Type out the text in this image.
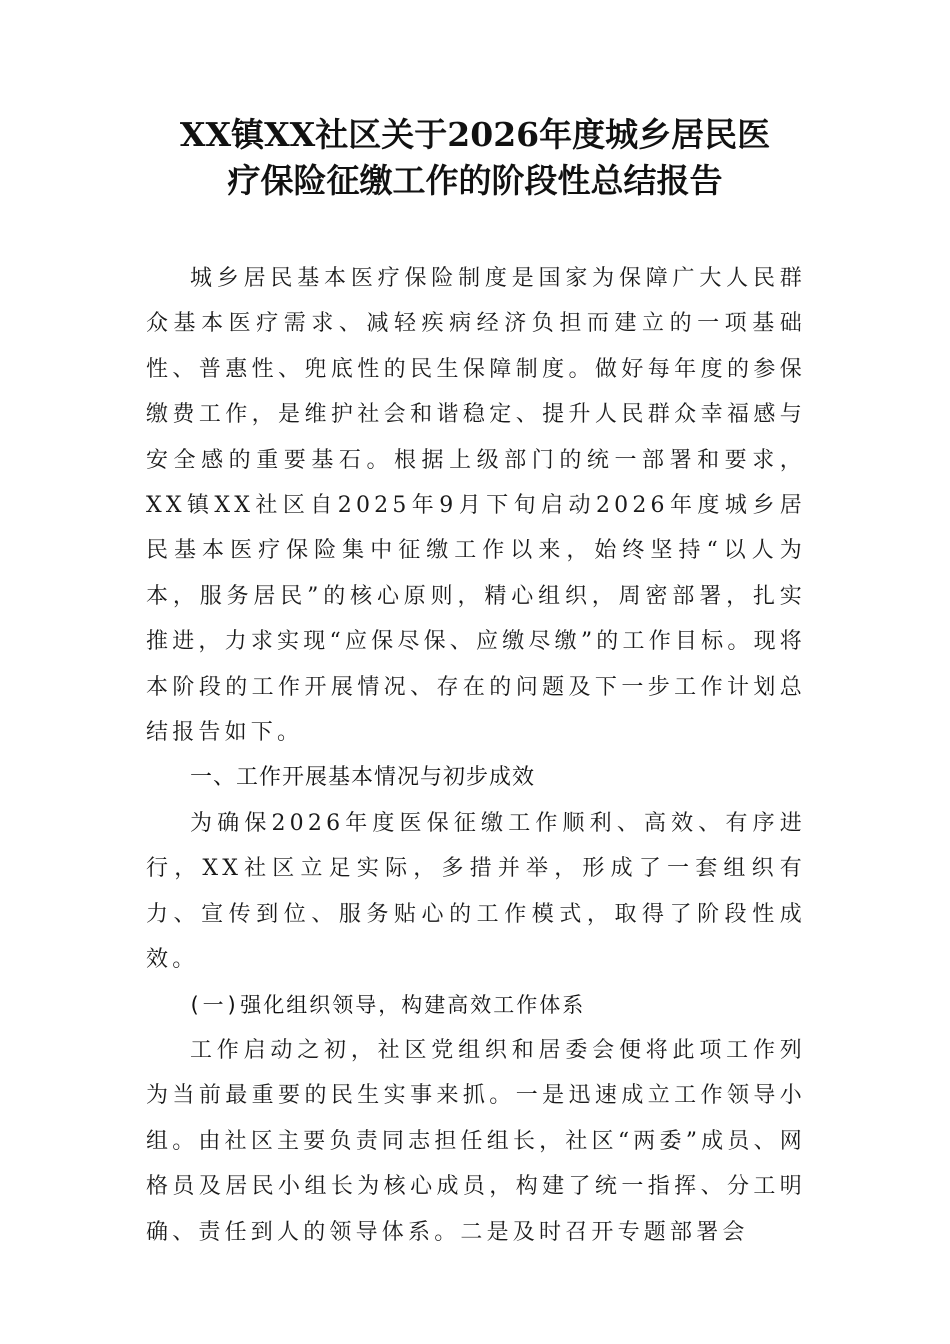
XX镇XX社区关于2026年度城乡居民医
疗保险征缴工作的阶段性总结报告

城乡居民基本医疗保险制度是国家为保障广大人民群众基本医疗需求、减轻疾病经济负担而建立的一项基础性、普惠性、兜底性的民生保障制度。做好每年度的参保缴费工作，是维护社会和谐稳定、提升人民群众幸福感与安全感的重要基石。根据上级部门的统一部署和要求，XX镇XX社区自2025年9月下旬启动2026年度城乡居民基本医疗保险集中征缴工作以来，始终坚持“以人为本，服务居民”的核心原则，精心组织，周密部署，扎实推进，力求实现“应保尽保、应缴尽缴”的工作目标。现将本阶段的工作开展情况、存在的问题及下一步工作计划总结报告如下。

一、工作开展基本情况与初步成效

为确保2026年度医保征缴工作顺利、高效、有序进行，XX社区立足实际，多措并举，形成了一套组织有力、宣传到位、服务贴心的工作模式，取得了阶段性成效。

(一)强化组织领导，构建高效工作体系

工作启动之初，社区党组织和居委会便将此项工作列为当前最重要的民生实事来抓。一是迅速成立工作领导小组。由社区主要负责同志担任组长，社区“两委”成员、网格员及居民小组长为核心成员，构建了统一指挥、分工明确、责任到人的领导体系。二是及时召开专题部署会
